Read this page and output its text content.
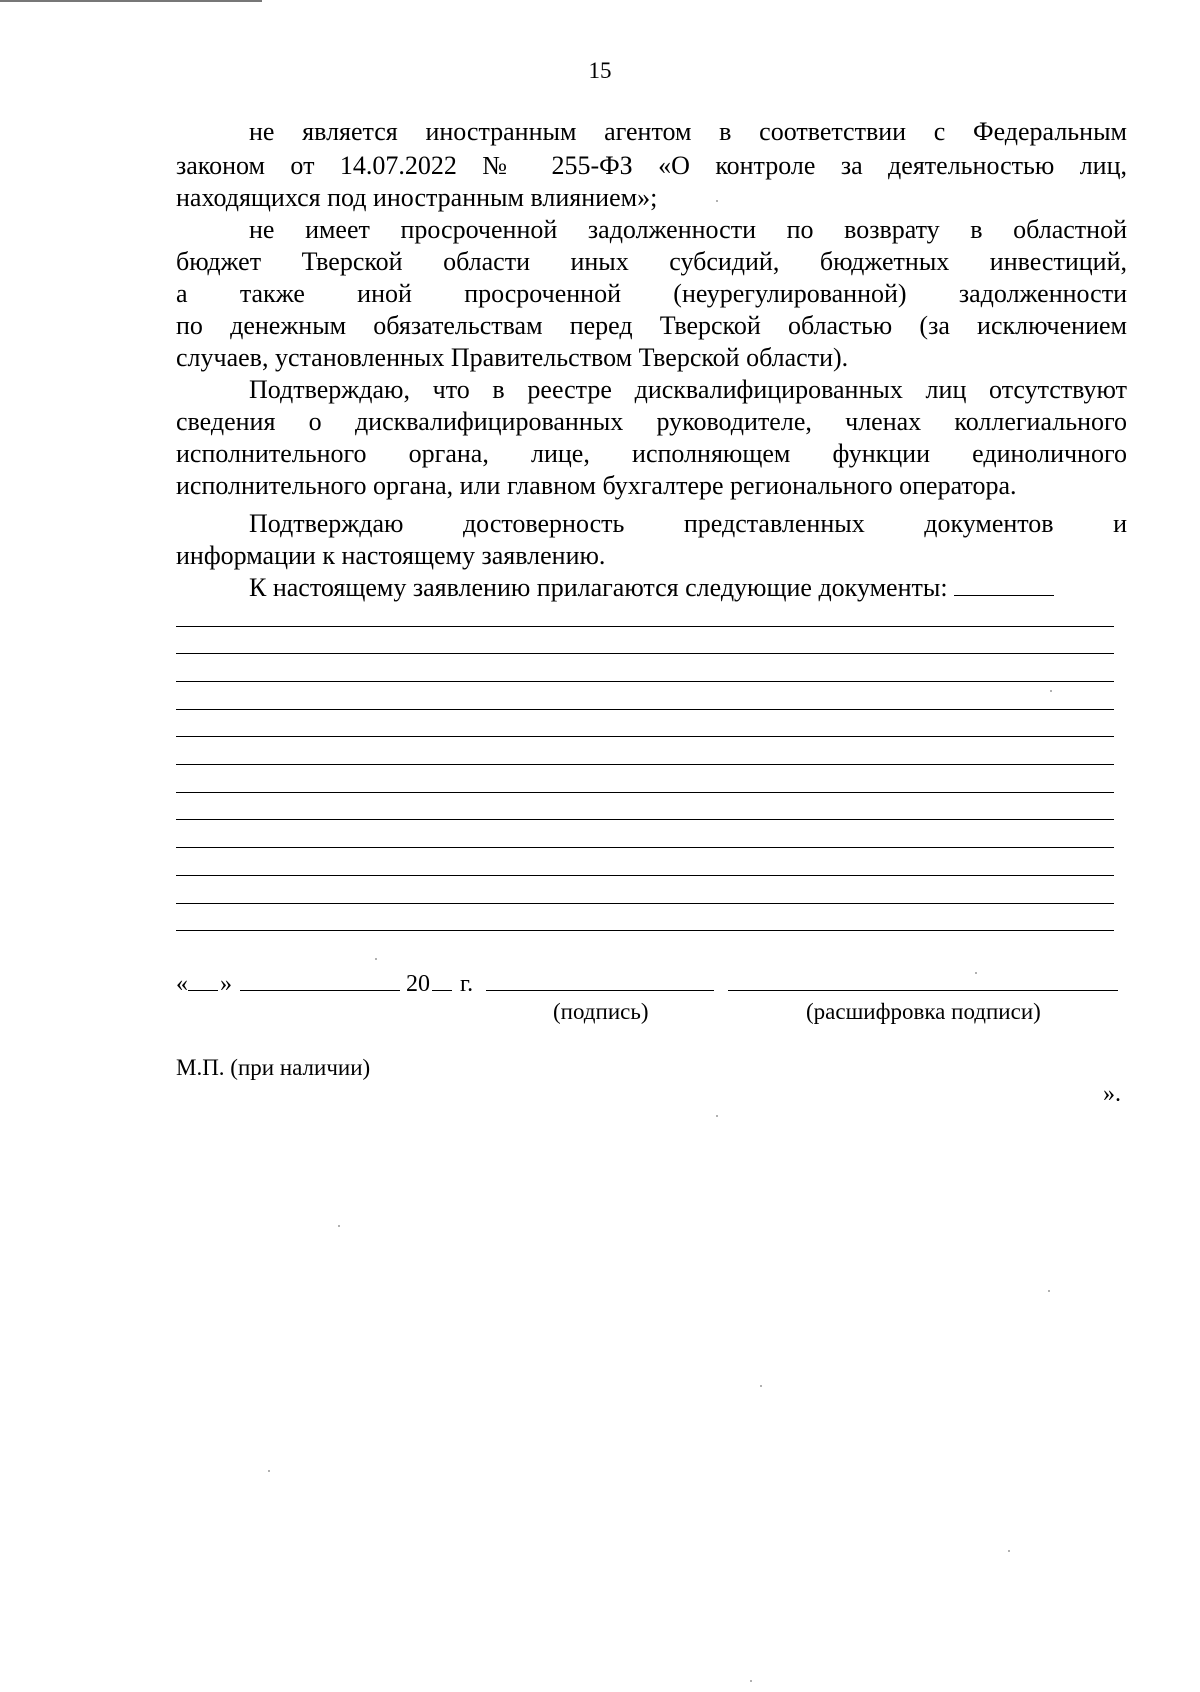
15
не является иностранным агентом в соответствии с Федеральным
законом от 14.07.2022 № 255-ФЗ «О контроле за деятельностью лиц,
находящихся под иностранным влиянием»;
не имеет просроченной задолженности по возврату в областной
бюджет Тверской области иных субсидий, бюджетных инвестиций,
а также иной просроченной (неурегулированной) задолженности
по денежным обязательствам перед Тверской областью (за исключением
случаев, установленных Правительством Тверской области).
Подтверждаю, что в реестре дисквалифицированных лиц отсутствуют
сведения о дисквалифицированных руководителе, членах коллегиального
исполнительного органа, лице, исполняющем функции единоличного
исполнительного органа, или главном бухгалтере регионального оператора.
Подтверждаю достоверность представленных документов и
информации к настоящему заявлению.
К настоящему заявлению прилагаются следующие документы:
« »	20 г.
(подпись)	(расшифровка подписи)
М.П. (при наличии)
».
